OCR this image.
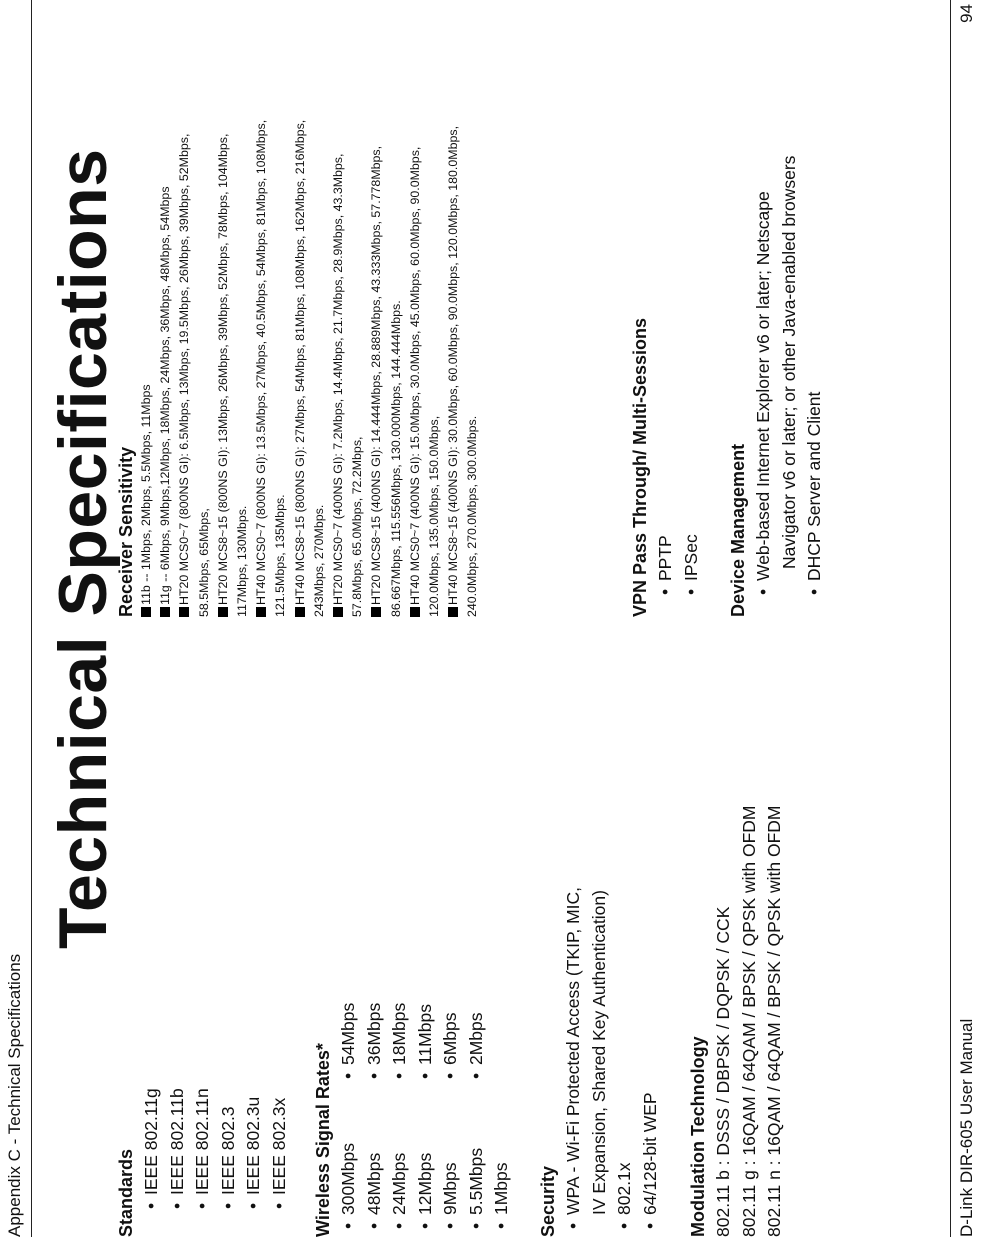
Appendix C - Technical Specifications
Technical Specifications
Standards • IEEE 802.11g • IEEE 802.11b • IEEE 802.11n • IEEE 802.3 • IEEE 802.3u • IEEE 802.3x Wireless Signal Rates* • 300Mbps • 48Mbps • 24Mbps • 12Mbps • 9Mbps • 5.5Mbps • 1Mbps
• 54Mbps • 36Mbps • 18Mbps • 11Mbps • 6Mbps • 2Mbps
Security • WPA - Wi-Fi Protected Access (TKIP, MIC, IV Expansion, Shared Key Authentication) • 802.1x • 64/128-bit WEP Modulation Technology 802.11 b : DSSS / DBPSK / DQPSK / CCK 802.11 g : 16QAM / 64QAM / BPSK / QPSK with OFDM 802.11 n : 16QAM / 64QAM / BPSK / QPSK with OFDM
Receiver Sensitivity 11b -- 1Mbps, 2Mbps, 5.5Mbps, 11Mbps 11g -- 6Mbps, 9Mbps,12Mbps, 18Mbps, 24Mbps, 36Mbps, 48Mbps, 54Mbps HT20 MCS0~7 (800NS GI): 6.5Mbps, 13Mbps, 19.5Mbps, 26Mbps, 39Mbps, 52Mbps, 58.5Mbps, 65Mbps, HT20 MCS8~15 (800NS GI): 13Mbps, 26Mbps, 39Mbps, 52Mbps, 78Mbps, 104Mbps, 117Mbps, 130Mbps. HT40 MCS0~7 (800NS GI): 13.5Mbps, 27Mbps, 40.5Mbps, 54Mbps, 81Mbps, 108Mbps, 121.5Mbps, 135Mbps. HT40 MCS8~15 (800NS GI): 27Mbps, 54Mbps, 81Mbps, 108Mbps, 162Mbps, 216Mbps, 243Mbps, 270Mbps. HT20 MCS0~7 (400NS GI): 7.2Mbps, 14.4Mbps, 21.7Mbps, 28.9Mbps, 43.3Mbps, 57.8Mbps, 65.0Mbps, 72.2Mbps, HT20 MCS8~15 (400NS GI): 14.444Mbps, 28.889Mbps, 43.333Mbps, 57.778Mbps, 86.667Mbps, 115.556Mbps, 130.000Mbps, 144.444Mbps. HT40 MCS0~7 (400NS GI): 15.0Mbps, 30.0Mbps, 45.0Mbps, 60.0Mbps, 90.0Mbps, 120.0Mbps, 135.0Mbps, 150.0Mbps, HT40 MCS8~15 (400NS GI): 30.0Mbps, 60.0Mbps, 90.0Mbps, 120.0Mbps, 180.0Mbps, 240.0Mbps, 270.0Mbps, 300.0Mbps.	VPN Pass Through/ Multi-Sessions • PPTP • IPSec Device Management • Web-based Internet Explorer v6 or later; Netscape Navigator v6 or later; or other Java-enabled browsers • DHCP Server and Client
D-Link DIR-605 User Manual
94
